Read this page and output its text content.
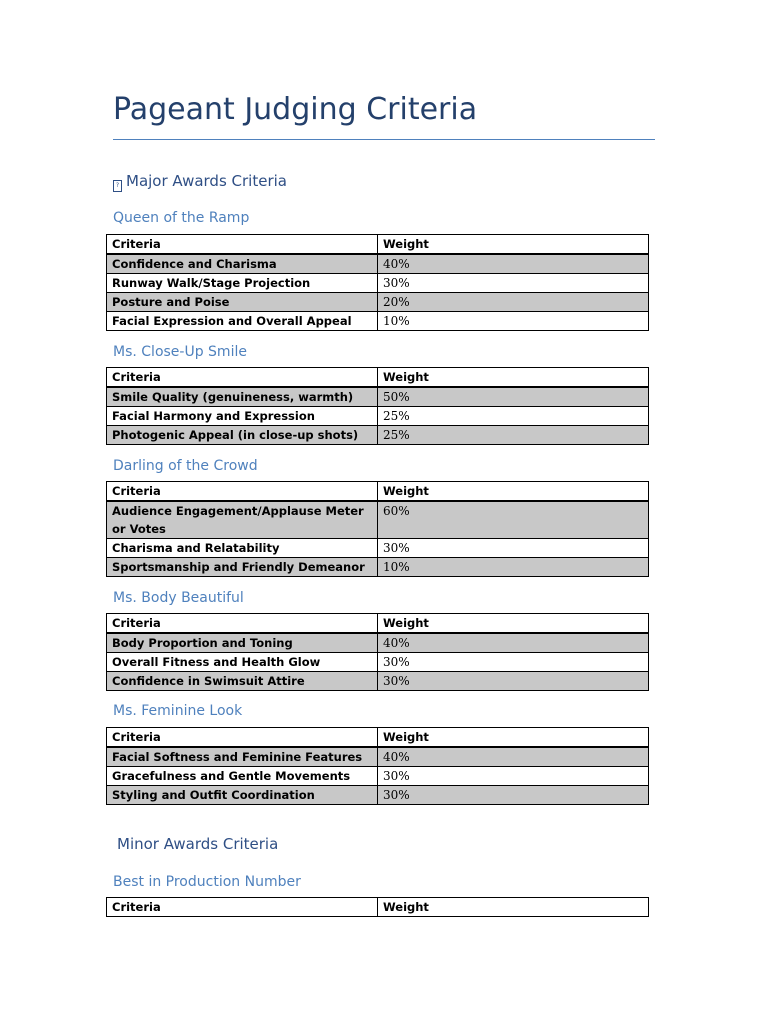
Pageant Judging Criteria
? Major Awards Criteria
Queen of the Ramp
Criteria	Weight
Confidence and Charisma	40%
Runway Walk/Stage Projection	30%
Posture and Poise	20%
Facial Expression and Overall Appeal	10%
Ms. Close-Up Smile
Criteria	Weight
Smile Quality (genuineness, warmth)	50%
Facial Harmony and Expression	25%
Photogenic Appeal (in close-up shots)	25%
Darling of the Crowd
Criteria	Weight
Audience Engagement/Applause Meter or Votes	60%
Charisma and Relatability	30%
Sportsmanship and Friendly Demeanor	10%
Ms. Body Beautiful
Criteria	Weight
Body Proportion and Toning	40%
Overall Fitness and Health Glow	30%
Confidence in Swimsuit Attire	30%
Ms. Feminine Look
Criteria	Weight
Facial Softness and Feminine Features	40%
Gracefulness and Gentle Movements	30%
Styling and Outfit Coordination	30%
Minor Awards Criteria
Best in Production Number
Criteria	Weight
